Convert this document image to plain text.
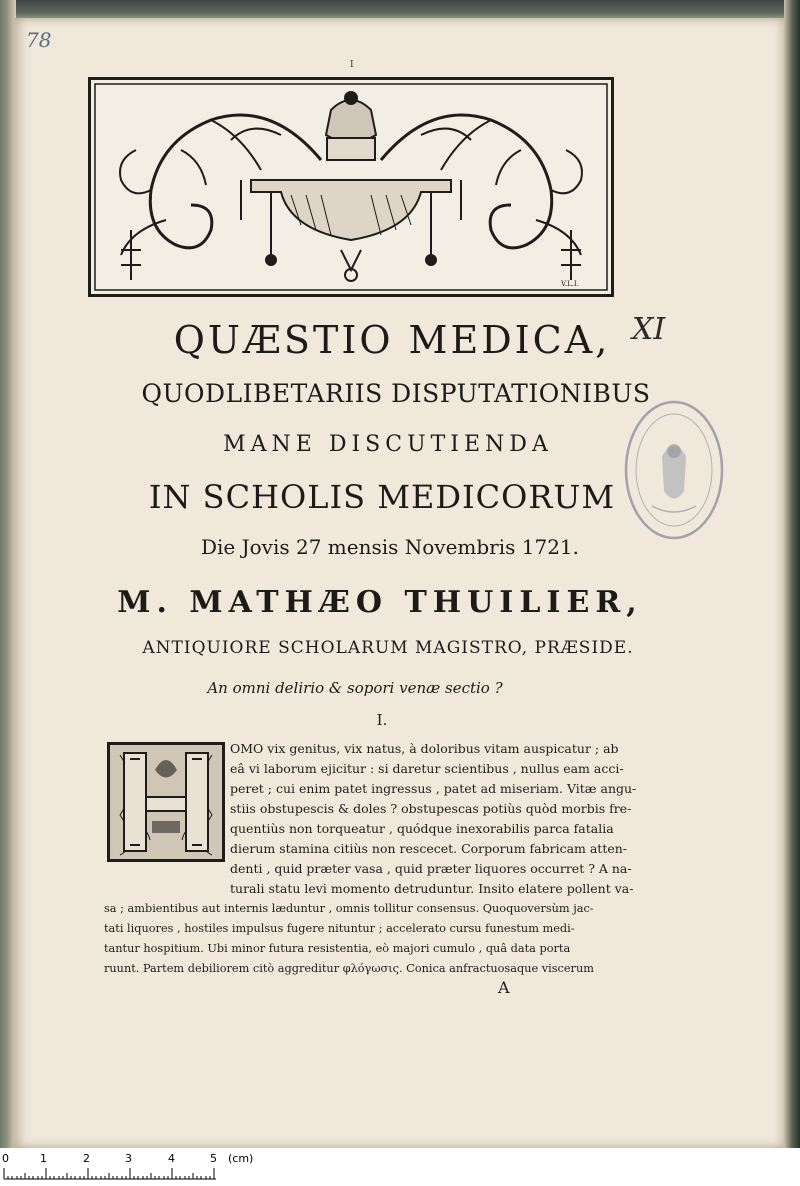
78
I
V.L.I.
QUÆSTIO MEDICA,
QUODLIBETARIIS DISPUTATIONIBUS
MANE DISCUTIENDA
IN SCHOLIS MEDICORUM
Die Jovis 27 mensis Novembris 1721.
M. MATHÆO THUILIER,
ANTIQUIORE SCHOLARUM MAGISTRO, PRÆSIDE.
An omni delirio & sopori venæ sectio ?
I.
XI
OMO vix genitus, vix natus, à doloribus vitam auspicatur ; ab
eâ vi laborum ejicitur : si daretur scientibus , nullus eam acci-
peret ; cui enim patet ingressus , patet ad miseriam. Vitæ angu-
stiis obstupescis & doles ? obstupescas potiùs quòd morbis fre-
quentiùs non torqueatur , quódque inexorabilis parca fatalia
dierum stamina citiùs non rescecet. Corporum fabricam atten-
denti , quid præter vasa , quid præter liquores occurret ? A na-
turali statu levi momento detruduntur. Insito elatere pollent va-
sa ; ambientibus aut internis læduntur , omnis tollitur consensus. Quoquoversùm jac-
tati liquores , hostiles impulsus fugere nituntur ; accelerato cursu funestum medi-
tantur hospitium. Ubi minor futura resistentia, eò majori cumulo , quâ data porta
ruunt. Partem debiliorem citò aggreditur φλόγωσις. Conica anfractuosaque viscerum
A
0	1	2	3	4	5 (cm)
